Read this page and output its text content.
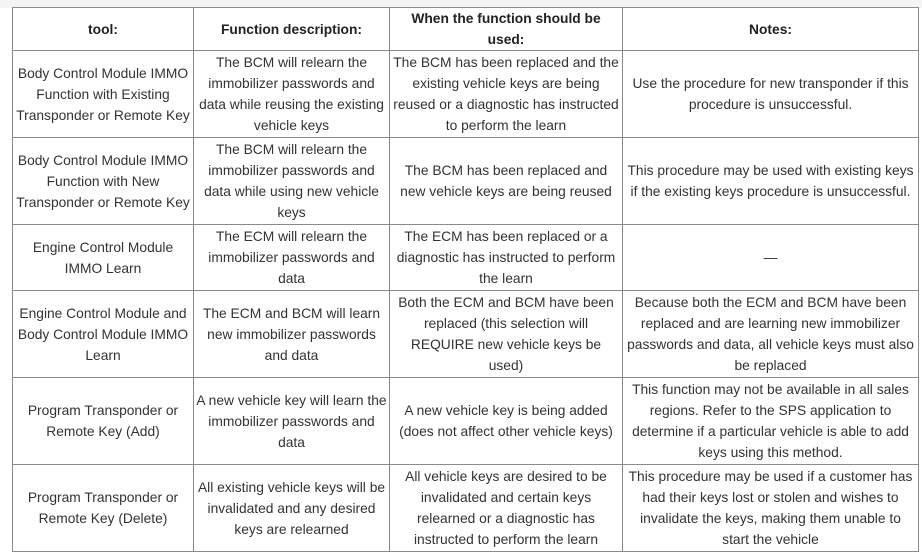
tool:	Function description:	When the function should be used:	Notes:
Body Control Module IMMO Function with Existing Transponder or Remote Key	The BCM will relearn the immobilizer passwords and data while reusing the existing vehicle keys	The BCM has been replaced and the existing vehicle keys are being reused or a diagnostic has instructed to perform the learn	Use the procedure for new transponder if this procedure is unsuccessful.
Body Control Module IMMO Function with New Transponder or Remote Key	The BCM will relearn the immobilizer passwords and data while using new vehicle keys	The BCM has been replaced and new vehicle keys are being reused	This procedure may be used with existing keys if the existing keys procedure is unsuccessful.
Engine Control Module IMMO Learn	The ECM will relearn the immobilizer passwords and data	The ECM has been replaced or a diagnostic has instructed to perform the learn	—
Engine Control Module and Body Control Module IMMO Learn	The ECM and BCM will learn new immobilizer passwords and data	Both the ECM and BCM have been replaced (this selection will REQUIRE new vehicle keys be used)	Because both the ECM and BCM have been replaced and are learning new immobilizer passwords and data, all vehicle keys must also be replaced
Program Transponder or Remote Key (Add)	A new vehicle key will learn the immobilizer passwords and data	A new vehicle key is being added (does not affect other vehicle keys)	This function may not be available in all sales regions. Refer to the SPS application to determine if a particular vehicle is able to add keys using this method.
Program Transponder or Remote Key (Delete)	All existing vehicle keys will be invalidated and any desired keys are relearned	All vehicle keys are desired to be invalidated and certain keys relearned or a diagnostic has instructed to perform the learn	This procedure may be used if a customer has had their keys lost or stolen and wishes to invalidate the keys, making them unable to start the vehicle
